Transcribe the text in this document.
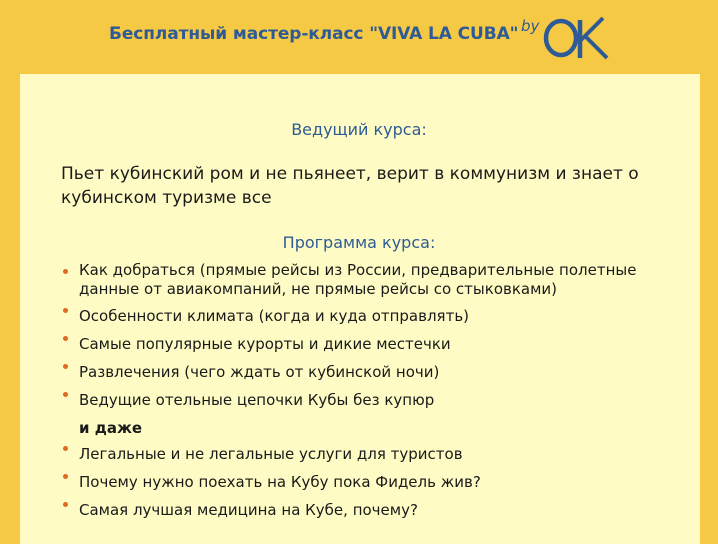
Бесплатный мастер-класс "VIVA LA CUBA" by
Ведущий курса:
Пьет кубинский ром и не пьянеет, верит в коммунизм и знает о кубинском туризме все
Программа курса:
Как добраться (прямые рейсы из России, предварительные полетные данные от авиакомпаний, не прямые рейсы со стыковками)
Особенности климата (когда и куда отправлять)
Самые популярные курорты и дикие местечки
Развлечения (чего ждать от кубинской ночи)
Ведущие отельные цепочки Кубы без купюр
и даже
Легальные и не легальные услуги для туристов
Почему нужно поехать на Кубу пока Фидель жив?
Самая лучшая медицина на Кубе, почему?
